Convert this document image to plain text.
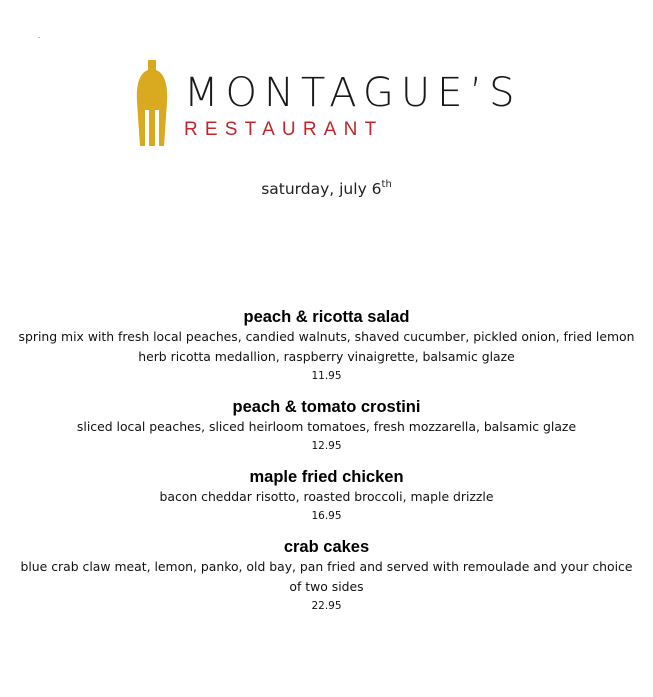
.
MONTAGUE’S
RESTAURANT
saturday, july 6th
peach & ricotta salad
spring mix with fresh local peaches, candied walnuts, shaved cucumber, pickled onion, fried lemon
herb ricotta medallion, raspberry vinaigrette, balsamic glaze
11.95
peach & tomato crostini
sliced local peaches, sliced heirloom tomatoes, fresh mozzarella, balsamic glaze
12.95
maple fried chicken
bacon cheddar risotto, roasted broccoli, maple drizzle
16.95
crab cakes
blue crab claw meat, lemon, panko, old bay, pan fried and served with remoulade and your choice
of two sides
22.95
